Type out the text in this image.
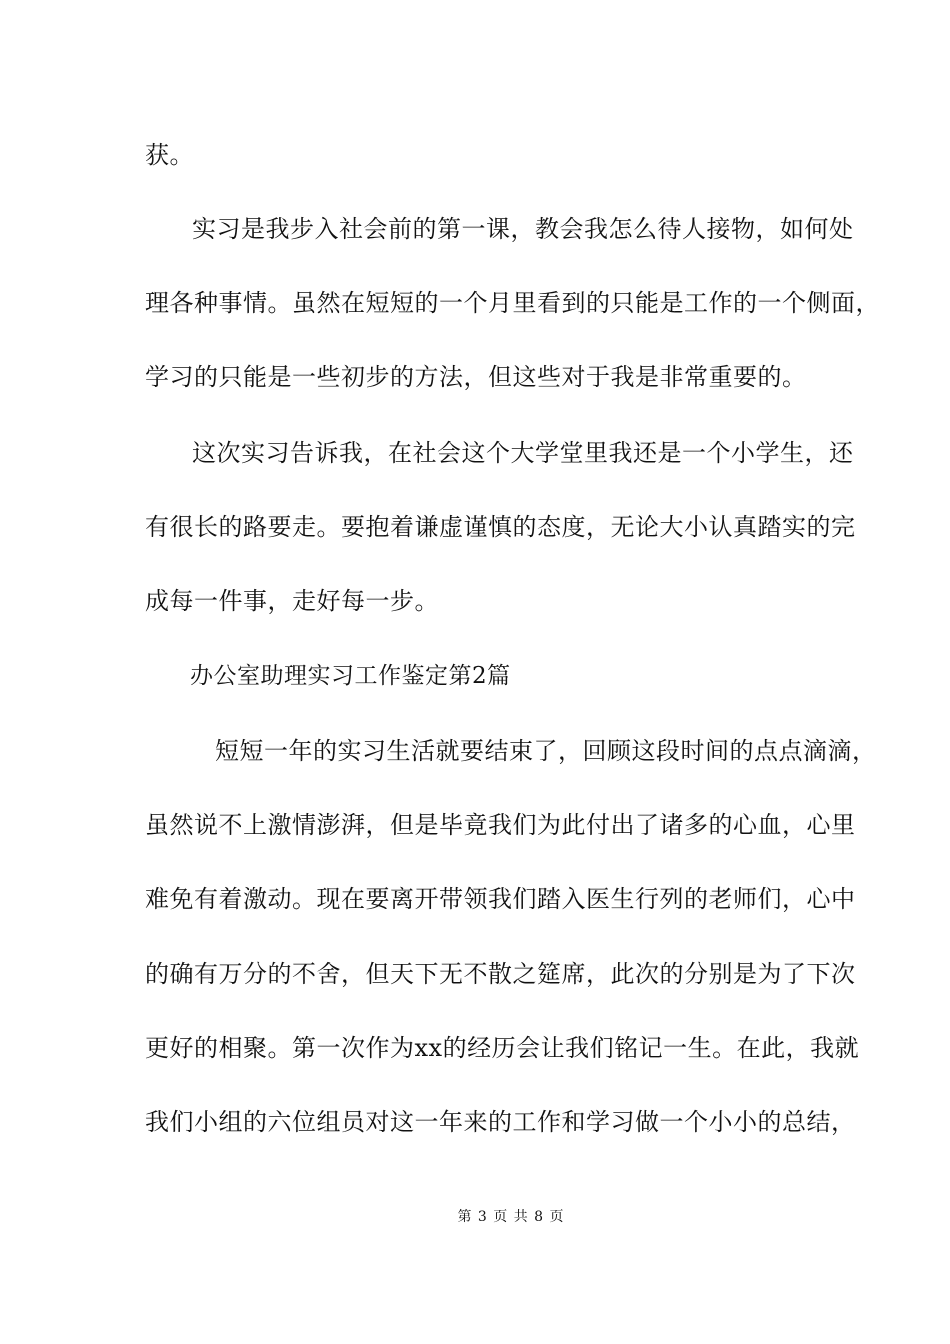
获。
实习是我步入社会前的第一课，教会我怎么待人接物，如何处
理各种事情。虽然在短短的一个月里看到的只能是工作的一个侧面，
学习的只能是一些初步的方法，但这些对于我是非常重要的。
这次实习告诉我，在社会这个大学堂里我还是一个小学生，还
有很长的路要走。要抱着谦虚谨慎的态度，无论大小认真踏实的完
成每一件事，走好每一步。
办公室助理实习工作鉴定第2篇
短短一年的实习生活就要结束了，回顾这段时间的点点滴滴，
虽然说不上激情澎湃，但是毕竟我们为此付出了诸多的心血，心里
难免有着激动。现在要离开带领我们踏入医生行列的老师们，心中
的确有万分的不舍，但天下无不散之筵席，此次的分别是为了下次
更好的相聚。第一次作为xx的经历会让我们铭记一生。在此，我就
我们小组的六位组员对这一年来的工作和学习做一个小小的总结，
第 3 页 共 8 页
